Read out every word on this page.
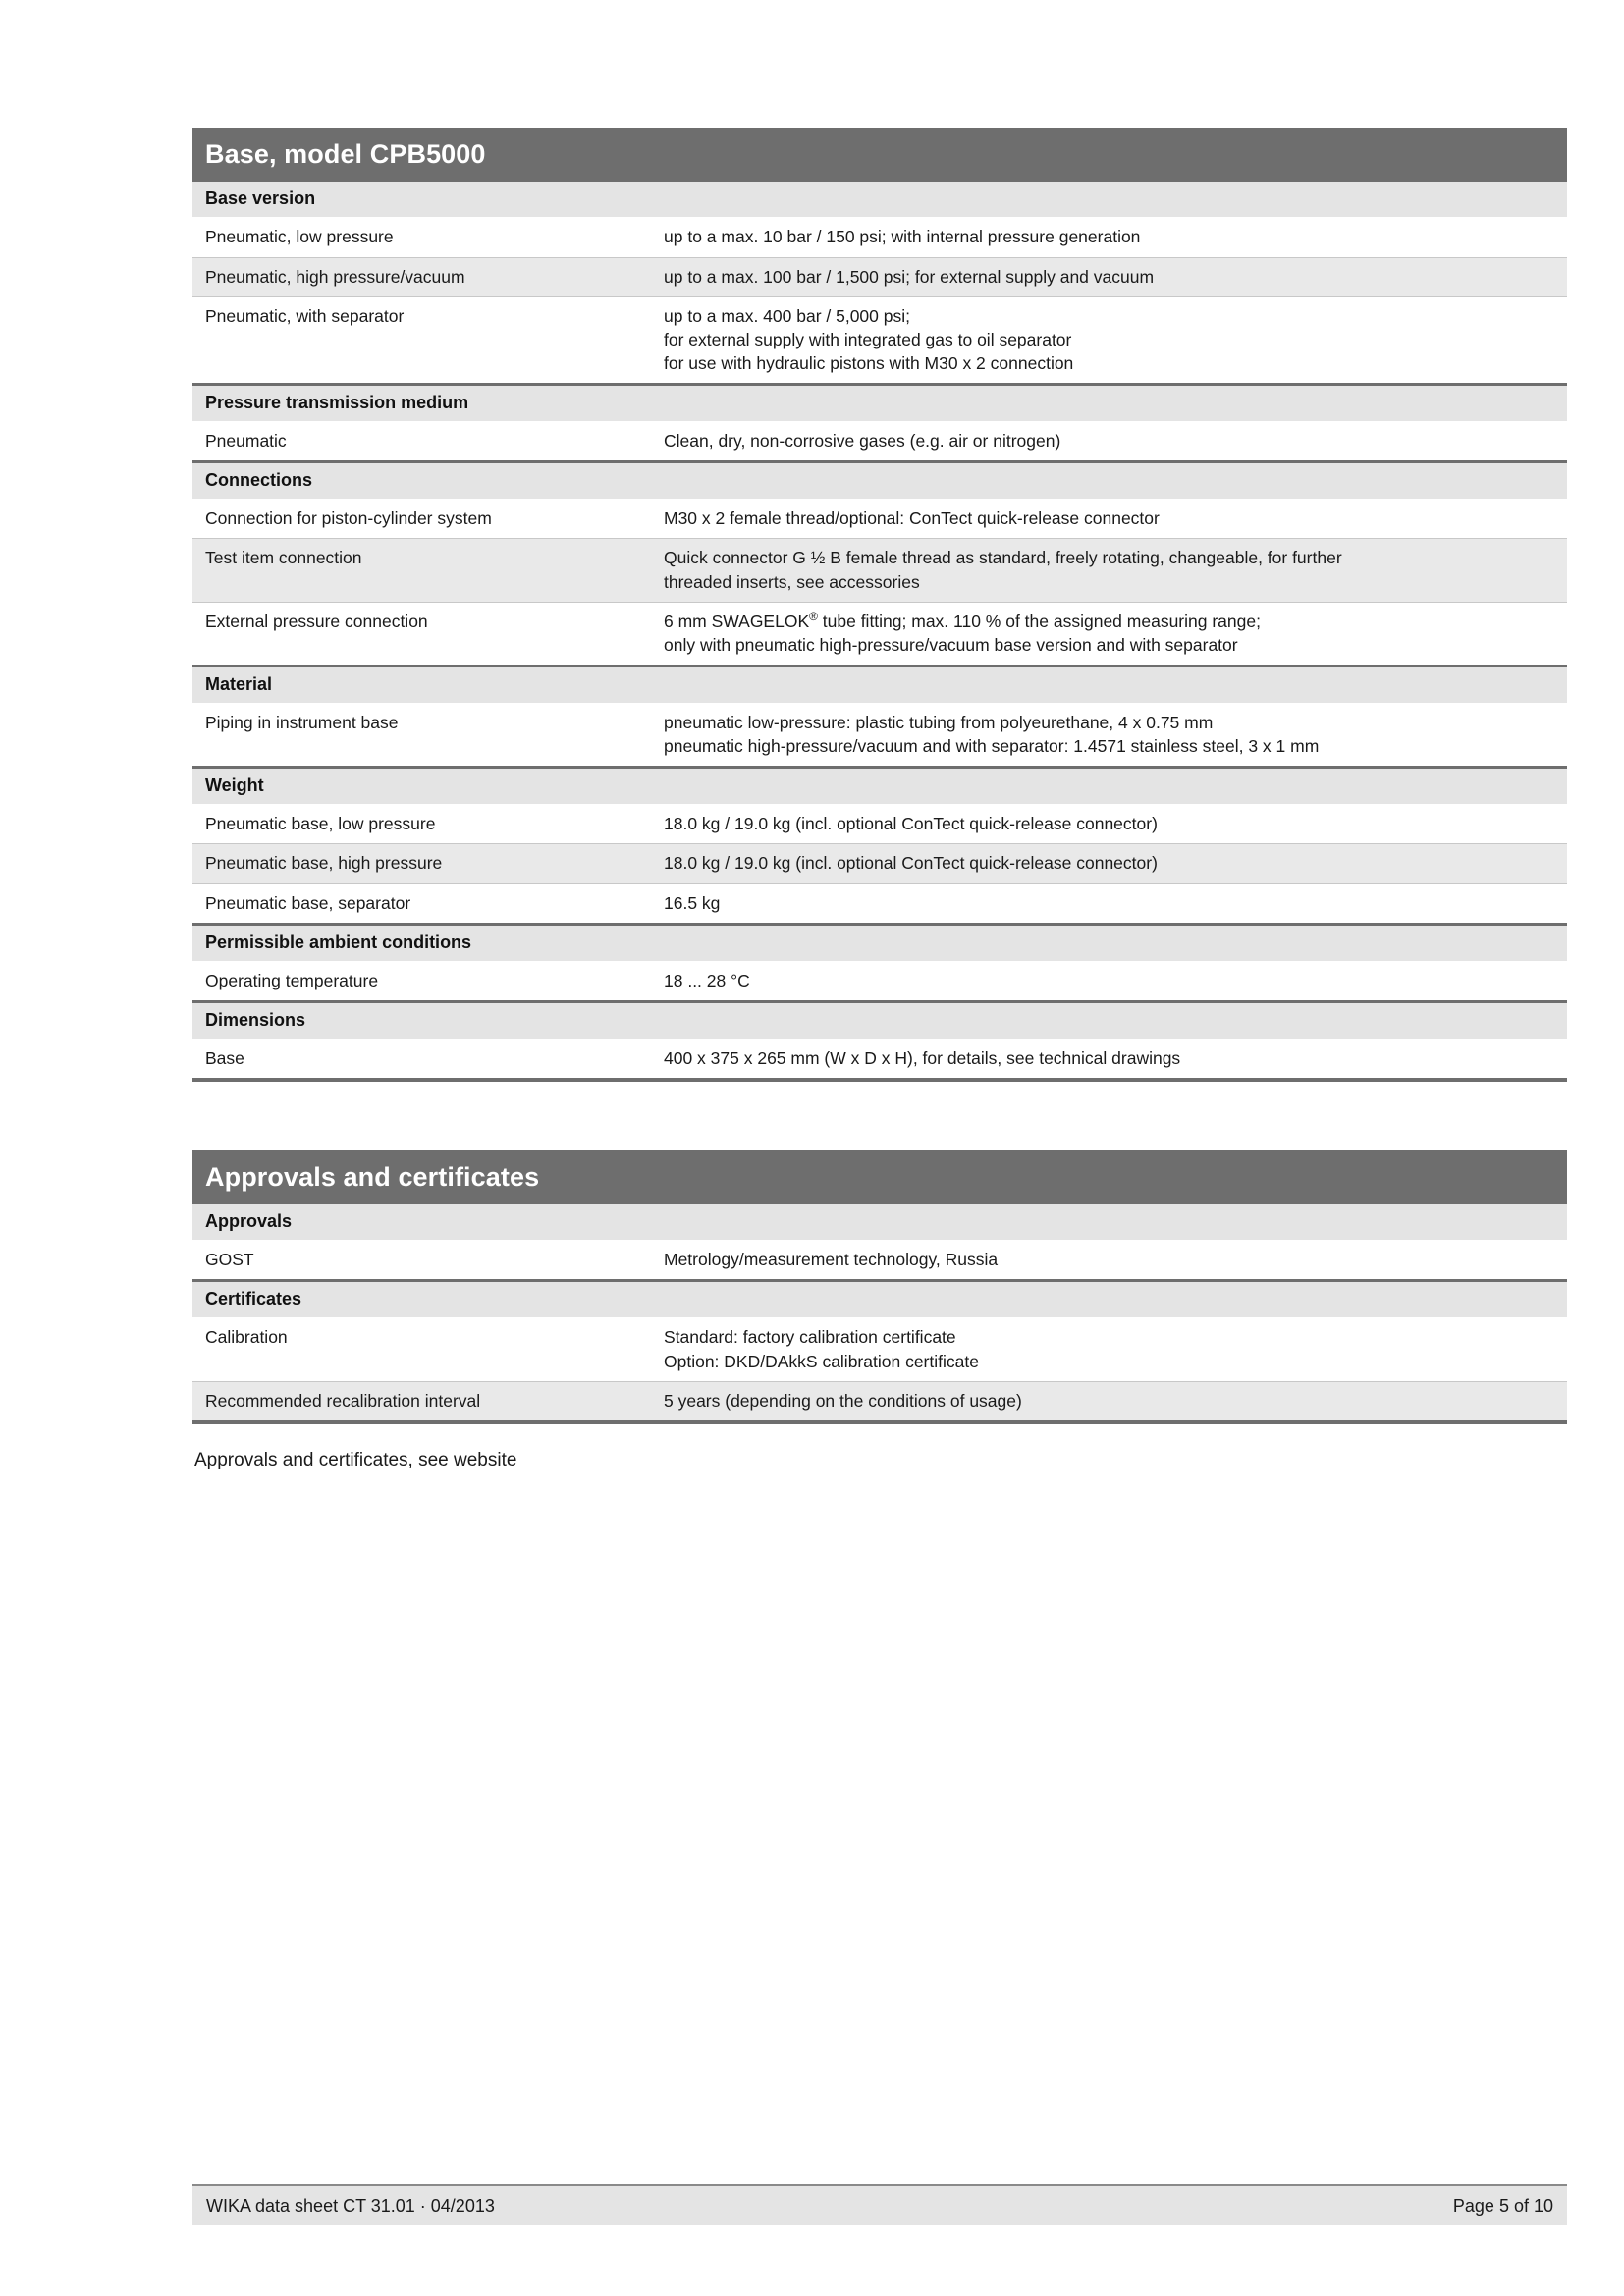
Base, model CPB5000
Base version	
Pneumatic, low pressure	up to a max. 10 bar / 150 psi; with internal pressure generation

Pneumatic, high pressure/vacuum	up to a max. 100 bar / 1,500 psi; for external supply and vacuum

Pneumatic, with separator	up to a max. 400 bar / 5,000 psi;
for external supply with integrated gas to oil separator
for use with hydraulic pistons with M30 x 2 connection

Pressure transmission medium	
Pneumatic	Clean, dry, non-corrosive gases (e.g. air or nitrogen)

Connections	
Connection for piston-cylinder system	M30 x 2 female thread/optional: ConTect quick-release connector

Test item connection	Quick connector G ½ B female thread as standard, freely rotating, changeable, for further
threaded inserts, see accessories

External pressure connection	6 mm SWAGELOK® tube fitting; max. 110 % of the assigned measuring range;
only with pneumatic high-pressure/vacuum base version and with separator

Material	
Piping in instrument base	pneumatic low-pressure: plastic tubing from polyeurethane, 4 x 0.75 mm
pneumatic high-pressure/vacuum and with separator: 1.4571 stainless steel, 3 x 1 mm

Weight	
Pneumatic base, low pressure	18.0 kg / 19.0 kg (incl. optional ConTect quick-release connector)

Pneumatic base, high pressure	18.0 kg / 19.0 kg (incl. optional ConTect quick-release connector)

Pneumatic base, separator	16.5 kg

Permissible ambient conditions	
Operating temperature	18 ... 28 °C

Dimensions	
Base	400 x 375 x 265 mm (W x D x H), for details, see technical drawings
Approvals and certificates
Approvals	
GOST	Metrology/measurement technology, Russia

Certificates	
Calibration	Standard: factory calibration certificate
Option: DKD/DAkkS calibration certificate

Recommended recalibration interval	5 years (depending on the conditions of usage)
Approvals and certificates, see website
WIKA data sheet CT 31.01 · 04/2013	Page 5 of 10
